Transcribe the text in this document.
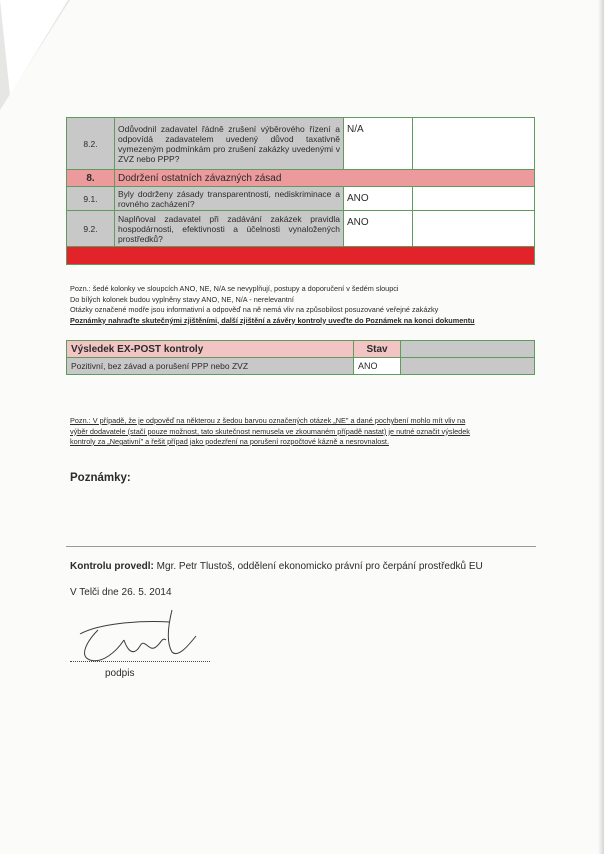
8.2.	Odůvodnil zadavatel řádně zrušení výběrového řízení a odpovídá zadavatelem uvedený důvod taxativně vymezeným podmínkám pro zrušení zakázky uvedenými v ZVZ nebo PPP?	N/A	
8.	Dodržení ostatních závazných zásad		
9.1.	Byly dodrženy zásady transparentnosti, nediskriminace a rovného zacházení?	ANO	
9.2.	Naplňoval zadavatel při zadávání zakázek pravidla hospodárnosti, efektivnosti a účelnosti vynaložených prostředků?	ANO	

Pozn.: šedé kolonky ve sloupcích ANO, NE, N/A se nevyplňují, postupy a doporučení v šedém sloupci
Do bílých kolonek budou vyplněny stavy ANO, NE, N/A - nerelevantní
Otázky označené modře jsou informativní a odpověď na ně nemá vliv na způsobilost posuzované veřejné zakázky
Poznámky nahraďte skutečnými zjištěními, další zjištění a závěry kontroly uveďte do Poznámek na konci dokumentu
Výsledek EX-POST kontroly	Stav	
Pozitivní, bez závad a porušení PPP nebo ZVZ	ANO	
Pozn.: V případě, že je odpověď na některou z šedou barvou označených otázek „NE" a dané pochybení mohlo mít vliv na
výběr dodavatele (stačí pouze možnost, tato skutečnost nemusela ve zkoumaném případě nastat) je nutné označit výsledek
kontroly za „Negativní" a řešit případ jako podezření na porušení rozpočtové kázně a nesrovnalost.
Poznámky:
Kontrolu provedl: Mgr. Petr Tlustoš, oddělení ekonomicko právní pro čerpání prostředků EU
V Telči dne 26. 5. 2014
podpis
